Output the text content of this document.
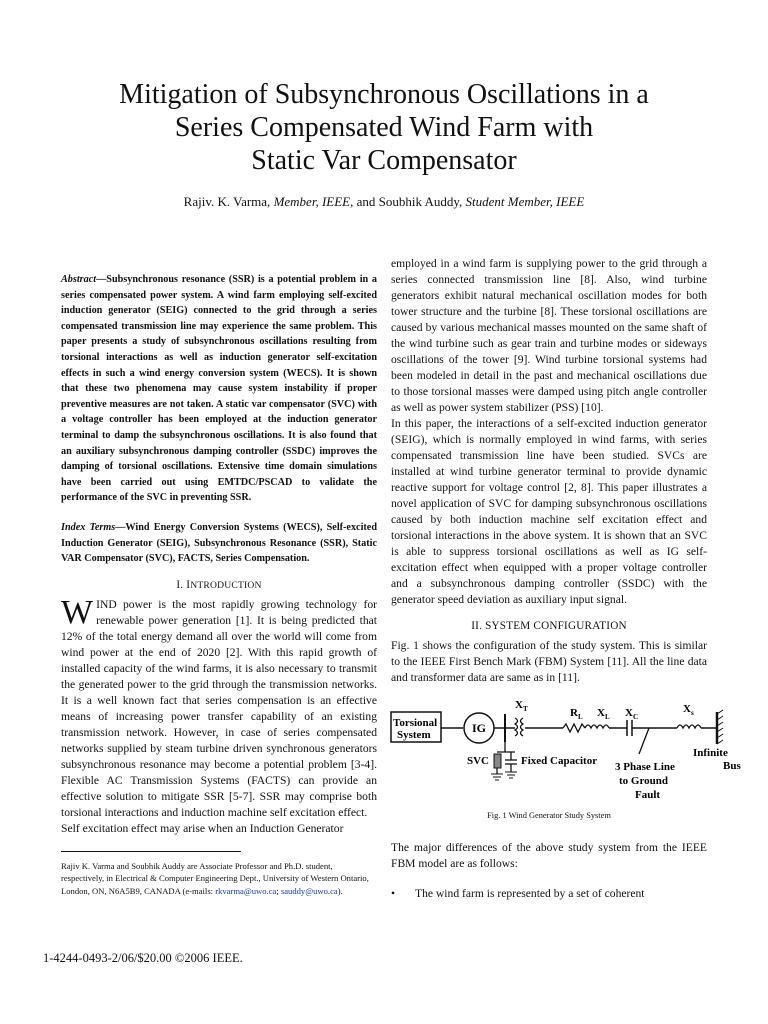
Mitigation of Subsynchronous Oscillations in a
Series Compensated Wind Farm with
Static Var Compensator
Rajiv. K. Varma, Member, IEEE, and Soubhik Auddy, Student Member, IEEE
Abstract—Subsynchronous resonance (SSR) is a potential problem in a series compensated power system. A wind farm employing self-excited induction generator (SEIG) connected to the grid through a series compensated transmission line may experience the same problem. This paper presents a study of subsynchronous oscillations resulting from torsional interactions as well as induction generator self-excitation effects in such a wind energy conversion system (WECS). It is shown that these two phenomena may cause system instability if proper preventive measures are not taken. A static var compensator (SVC) with a voltage controller has been employed at the induction generator terminal to damp the subsynchronous oscillations. It is also found that an auxiliary subsynchronous damping controller (SSDC) improves the damping of torsional oscillations. Extensive time domain simulations have been carried out using EMTDC/PSCAD to validate the performance of the SVC in preventing SSR.
Index Terms—Wind Energy Conversion Systems (WECS), Self-excited Induction Generator (SEIG), Subsynchronous Resonance (SSR), Static VAR Compensator (SVC), FACTS, Series Compensation.
I. INTRODUCTION

WIND power is the most rapidly growing technology for renewable power generation [1]. It is being predicted that 12% of the total energy demand all over the world will come from wind power at the end of 2020 [2]. With this rapid growth of installed capacity of the wind farms, it is also necessary to transmit the generated power to the grid through the transmission networks. It is a well known fact that series compensation is an effective means of increasing power transfer capability of an existing transmission network. However, in case of series compensated networks supplied by steam turbine driven synchronous generators subsynchronous resonance may become a potential problem [3-4]. Flexible AC Transmission Systems (FACTS) can provide an effective solution to mitigate SSR [5-7]. SSR may comprise both torsional interactions and induction machine self excitation effect.

Self excitation effect may arise when an Induction Generator

Rajiv K. Varma and Soubhik Auddy are Associate Professor and Ph.D. student, respectively, in Electrical & Computer Engineering Dept., University of Western Ontario, London, ON, N6A5B9, CANADA (e-mails: rkvarma@uwo.ca; sauddy@uwo.ca).

employed in a wind farm is supplying power to the grid through a series connected transmission line [8]. Also, wind turbine generators exhibit natural mechanical oscillation modes for both tower structure and the turbine [8]. These torsional oscillations are caused by various mechanical masses mounted on the same shaft of the wind turbine such as gear train and turbine modes or sideways oscillations of the tower [9]. Wind turbine torsional systems had been modeled in detail in the past and mechanical oscillations due to those torsional masses were damped using pitch angle controller as well as power system stabilizer (PSS) [10].

In this paper, the interactions of a self-excited induction generator (SEIG), which is normally employed in wind farms, with series compensated transmission line have been studied. SVCs are installed at wind turbine generator terminal to provide dynamic reactive support for voltage control [2, 8]. This paper illustrates a novel application of SVC for damping subsynchronous oscillations caused by both induction machine self excitation effect and torsional interactions in the above system. It is shown that an SVC is able to suppress torsional oscillations as well as IG self-excitation effect when equipped with a proper voltage controller and a subsynchronous damping controller (SSDC) with the generator speed deviation as auxiliary input signal.

II. SYSTEM CONFIGURATION

Fig. 1 shows the configuration of the study system. This is similar to the IEEE First Bench Mark (FBM) System [11]. All the line data and transformer data are same as in [11].

Torsional
System	IG
X T	R L X L X C
X s
SVC	Fixed Capacitor 3 Phase Line
to Ground
Fault
Infinite
Bus
Fig. 1 Wind Generator Study System

The major differences of the above study system from the IEEE FBM model are as follows:

•	The wind farm is represented by a set of coherent
1-4244-0493-2/06/$20.00 ©2006 IEEE.
